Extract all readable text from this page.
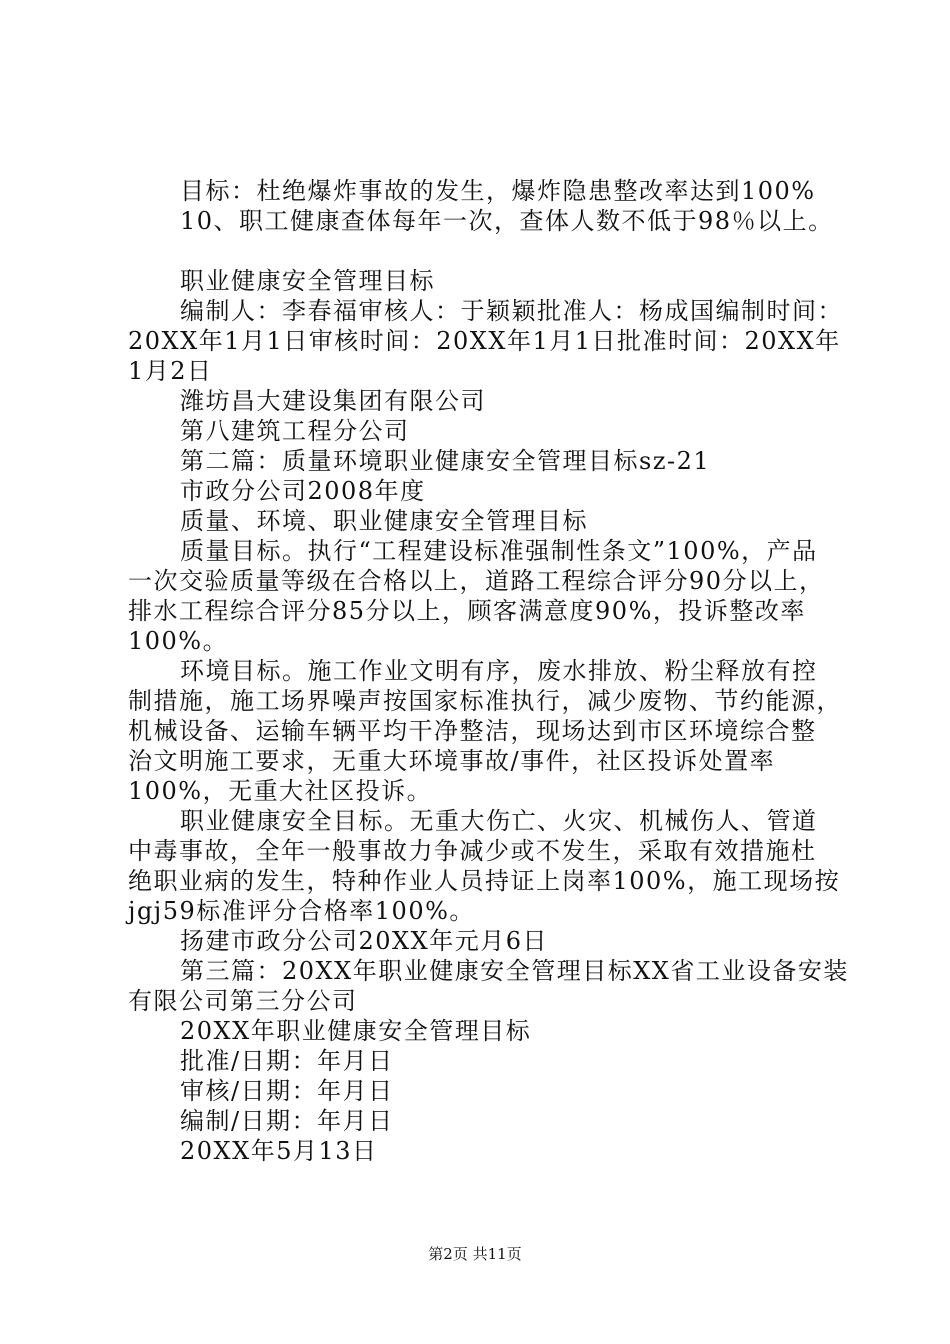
目标：杜绝爆炸事故的发生，爆炸隐患整改率达到100%
10、职工健康查体每年一次，查体人数不低于98％以上。
职业健康安全管理目标
编制人：李春福审核人：于颖颖批准人：杨成国编制时间：
20XX年1月1日审核时间：20XX年1月1日批准时间：20XX年
1月2日
潍坊昌大建设集团有限公司
第八建筑工程分公司
第二篇：质量环境职业健康安全管理目标sz-21
市政分公司2008年度
质量、环境、职业健康安全管理目标
质量目标。执行“工程建设标准强制性条文”100%，产品
一次交验质量等级在合格以上，道路工程综合评分90分以上，
排水工程综合评分85分以上，顾客满意度90%，投诉整改率
100%。
环境目标。施工作业文明有序，废水排放、粉尘释放有控
制措施，施工场界噪声按国家标准执行，减少废物、节约能源，
机械设备、运输车辆平均干净整洁，现场达到市区环境综合整
治文明施工要求，无重大环境事故/事件，社区投诉处置率
100%，无重大社区投诉。
职业健康安全目标。无重大伤亡、火灾、机械伤人、管道
中毒事故，全年一般事故力争减少或不发生，采取有效措施杜
绝职业病的发生，特种作业人员持证上岗率100%，施工现场按
jgj59标准评分合格率100%。
扬建市政分公司20XX年元月6日
第三篇：20XX年职业健康安全管理目标XX省工业设备安装
有限公司第三分公司
20XX年职业健康安全管理目标
批准/日期：年月日
审核/日期：年月日
编制/日期：年月日
20XX年5月13日
第2页 共11页
